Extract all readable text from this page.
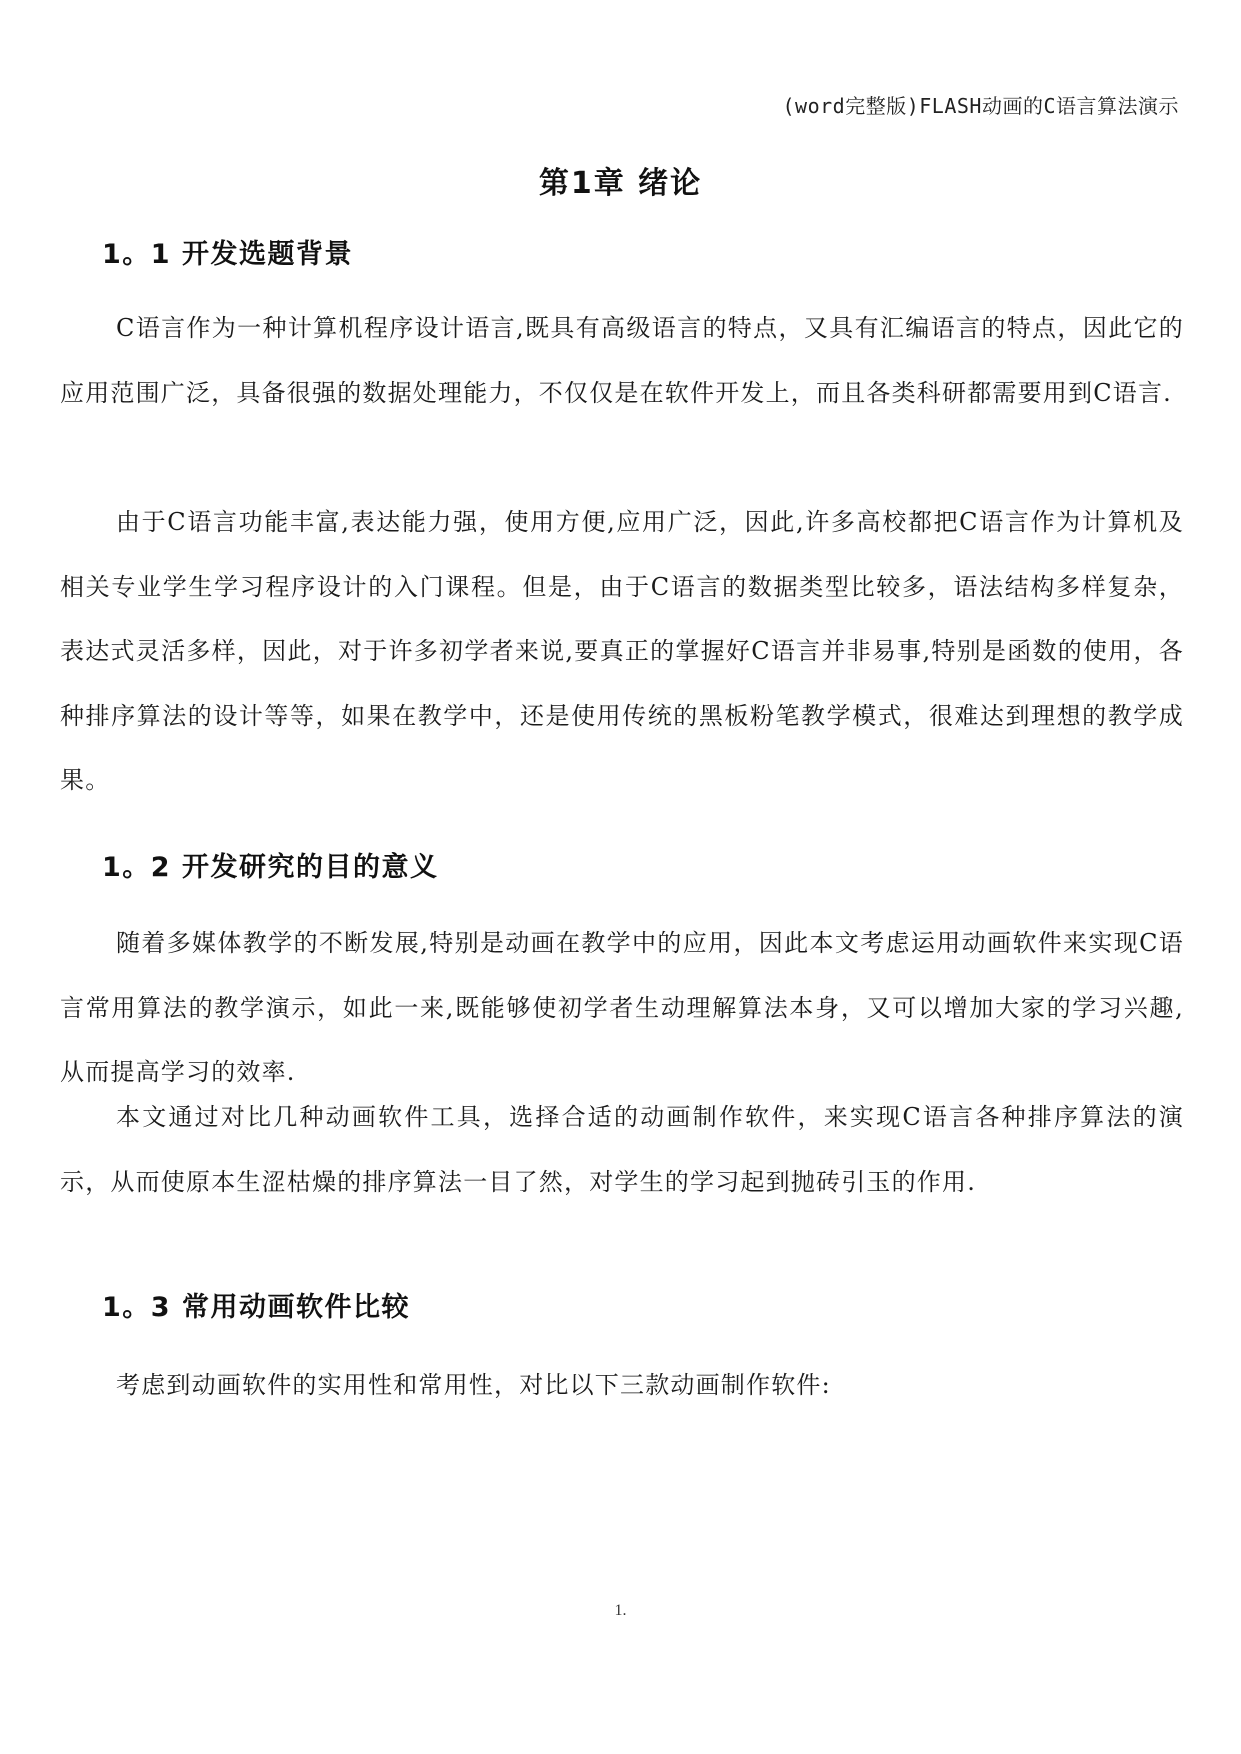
(word完整版)FLASH动画的C语言算法演示
第1章 绪论
1。1 开发选题背景

C语言作为一种计算机程序设计语言,既具有高级语言的特点，又具有汇编语言的特点，因此它的应用范围广泛，具备很强的数据处理能力，不仅仅是在软件开发上，而且各类科研都需要用到C语言.

由于C语言功能丰富,表达能力强，使用方便,应用广泛，因此,许多高校都把C语言作为计算机及相关专业学生学习程序设计的入门课程。但是，由于C语言的数据类型比较多，语法结构多样复杂，表达式灵活多样，因此，对于许多初学者来说,要真正的掌握好C语言并非易事,特别是函数的使用，各种排序算法的设计等等，如果在教学中，还是使用传统的黑板粉笔教学模式，很难达到理想的教学成果。

1。2 开发研究的目的意义

随着多媒体教学的不断发展,特别是动画在教学中的应用，因此本文考虑运用动画软件来实现C语言常用算法的教学演示，如此一来,既能够使初学者生动理解算法本身，又可以增加大家的学习兴趣,从而提高学习的效率.

本文通过对比几种动画软件工具，选择合适的动画制作软件，来实现C语言各种排序算法的演示，从而使原本生涩枯燥的排序算法一目了然，对学生的学习起到抛砖引玉的作用.

1。3 常用动画软件比较

考虑到动画软件的实用性和常用性，对比以下三款动画制作软件:

1.
